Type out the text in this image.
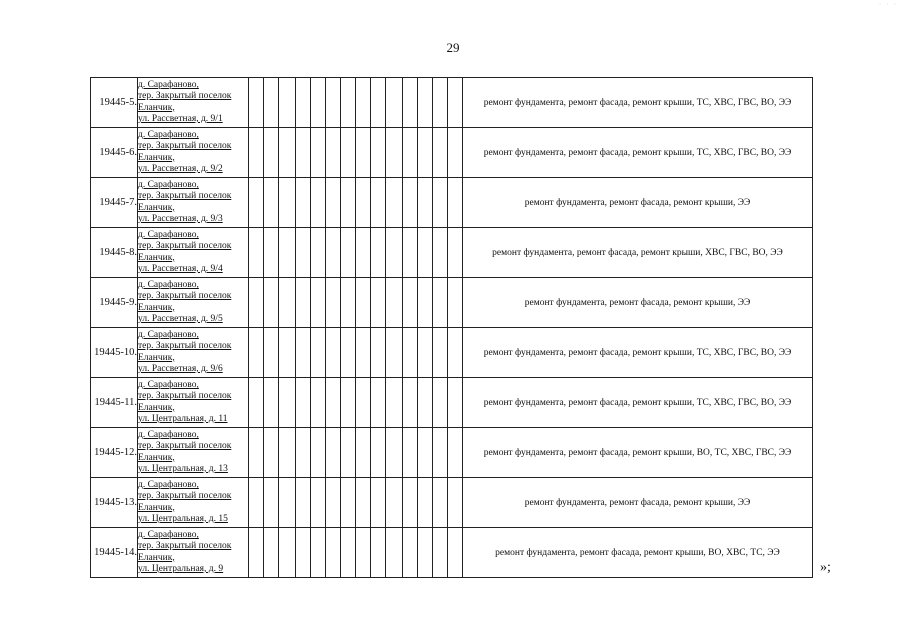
· · ·
29
19445-5.	д. Сарафаново,
тер. Закрытый поселок
Еланчик,
ул. Рассветная, д. 9/1															ремонт фундамента, ремонт фасада, ремонт крыши, ТС, ХВС, ГВС, ВО, ЭЭ
19445-6.	д. Сарафаново,
тер. Закрытый поселок
Еланчик,
ул. Рассветная, д. 9/2															ремонт фундамента, ремонт фасада, ремонт крыши, ТС, ХВС, ГВС, ВО, ЭЭ
19445-7.	д. Сарафаново,
тер. Закрытый поселок
Еланчик,
ул. Рассветная, д. 9/3															ремонт фундамента, ремонт фасада, ремонт крыши, ЭЭ
19445-8.	д. Сарафаново,
тер. Закрытый поселок
Еланчик,
ул. Рассветная, д. 9/4															ремонт фундамента, ремонт фасада, ремонт крыши, ХВС, ГВС, ВО, ЭЭ
19445-9.	д. Сарафаново,
тер. Закрытый поселок
Еланчик,
ул. Рассветная, д. 9/5															ремонт фундамента, ремонт фасада, ремонт крыши, ЭЭ
19445-10.	д. Сарафаново,
тер. Закрытый поселок
Еланчик,
ул. Рассветная, д. 9/6															ремонт фундамента, ремонт фасада, ремонт крыши, ТС, ХВС, ГВС, ВО, ЭЭ
19445-11.	д. Сарафаново,
тер. Закрытый поселок
Еланчик,
ул. Центральная, д. 11															ремонт фундамента, ремонт фасада, ремонт крыши, ТС, ХВС, ГВС, ВО, ЭЭ
19445-12.	д. Сарафаново,
тер. Закрытый поселок
Еланчик,
ул. Центральная, д. 13															ремонт фундамента, ремонт фасада, ремонт крыши, ВО, ТС, ХВС, ГВС, ЭЭ
19445-13.	д. Сарафаново,
тер. Закрытый поселок
Еланчик,
ул. Центральная, д. 15															ремонт фундамента, ремонт фасада, ремонт крыши, ЭЭ
19445-14.	д. Сарафаново,
тер. Закрытый поселок
Еланчик,
ул. Центральная, д. 9															ремонт фундамента, ремонт фасада, ремонт крыши, ВО, ХВС, ТС, ЭЭ
»;
